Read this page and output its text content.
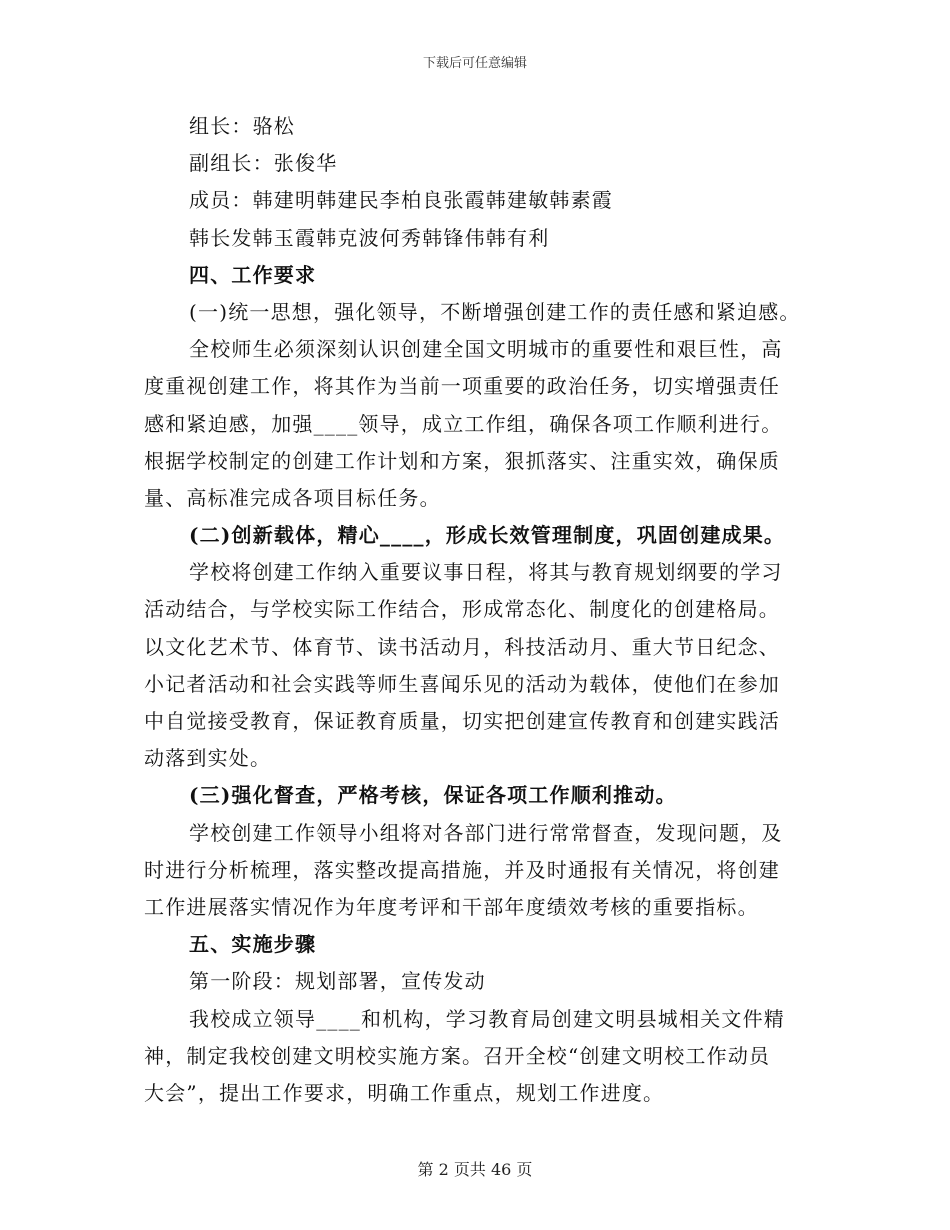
下载后可任意编辑
组长：骆松
副组长：张俊华
成员：韩建明韩建民李柏良张霞韩建敏韩素霞
韩长发韩玉霞韩克波何秀韩锋伟韩有利
四、工作要求
(一)统一思想，强化领导，不断增强创建工作的责任感和紧迫感。
全校师生必须深刻认识创建全国文明城市的重要性和艰巨性，高
度重视创建工作，将其作为当前一项重要的政治任务，切实增强责任
感和紧迫感，加强____领导，成立工作组，确保各项工作顺利进行。
根据学校制定的创建工作计划和方案，狠抓落实、注重实效，确保质
量、高标准完成各项目标任务。
(二)创新载体，精心____，形成长效管理制度，巩固创建成果。
学校将创建工作纳入重要议事日程，将其与教育规划纲要的学习
活动结合，与学校实际工作结合，形成常态化、制度化的创建格局。
以文化艺术节、体育节、读书活动月，科技活动月、重大节日纪念、
小记者活动和社会实践等师生喜闻乐见的活动为载体，使他们在参加
中自觉接受教育，保证教育质量，切实把创建宣传教育和创建实践活
动落到实处。
(三)强化督查，严格考核，保证各项工作顺利推动。
学校创建工作领导小组将对各部门进行常常督查，发现问题，及
时进行分析梳理，落实整改提高措施，并及时通报有关情况，将创建
工作进展落实情况作为年度考评和干部年度绩效考核的重要指标。
五、实施步骤
第一阶段：规划部署，宣传发动
我校成立领导____和机构，学习教育局创建文明县城相关文件精
神，制定我校创建文明校实施方案。召开全校“创建文明校工作动员
大会”，提出工作要求，明确工作重点，规划工作进度。
第 2 页共 46 页
